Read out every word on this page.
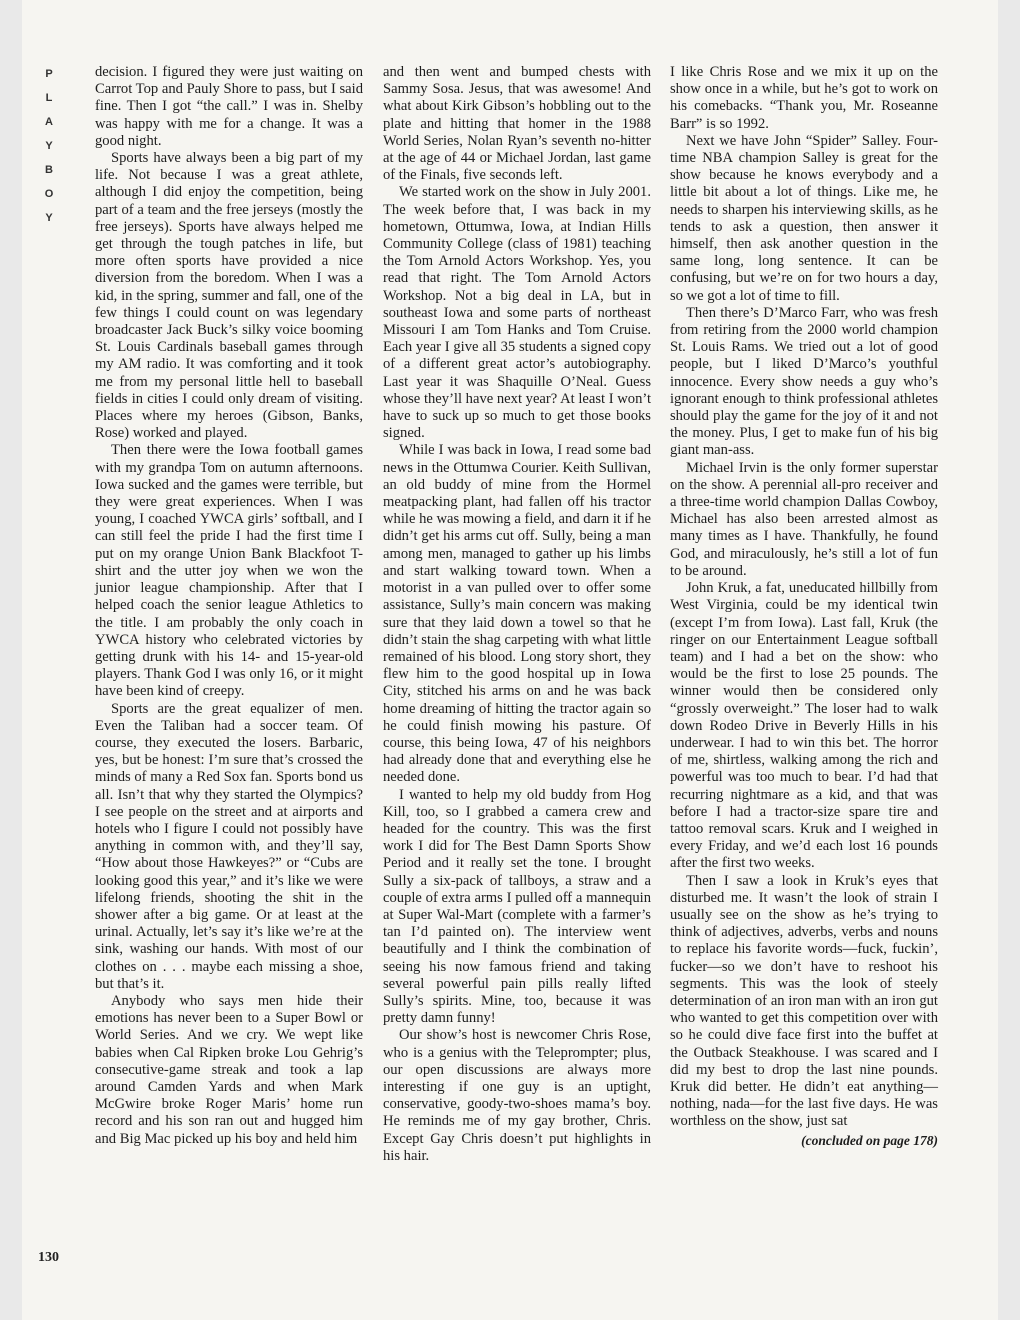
P
L
A
Y
B
O
Y
130

decision. I figured they were just waiting on Carrot Top and Pauly Shore to pass, but I said fine. Then I got “the call.” I was in. Shelby was happy with me for a change. It was a good night.

Sports have always been a big part of my life. Not because I was a great athlete, although I did enjoy the competition, being part of a team and the free jerseys (mostly the free jerseys). Sports have always helped me get through the tough patches in life, but more often sports have provided a nice diversion from the boredom. When I was a kid, in the spring, summer and fall, one of the few things I could count on was legendary broadcaster Jack Buck’s silky voice booming St. Louis Cardinals baseball games through my AM radio. It was comforting and it took me from my personal little hell to baseball fields in cities I could only dream of visiting. Places where my heroes (Gibson, Banks, Rose) worked and played.

Then there were the Iowa football games with my grandpa Tom on autumn afternoons. Iowa sucked and the games were terrible, but they were great experiences. When I was young, I coached YWCA girls’ softball, and I can still feel the pride I had the first time I put on my orange Union Bank Blackfoot T-shirt and the utter joy when we won the junior league championship. After that I helped coach the senior league Athletics to the title. I am probably the only coach in YWCA history who celebrated victories by getting drunk with his 14- and 15-year-old players. Thank God I was only 16, or it might have been kind of creepy.

Sports are the great equalizer of men. Even the Taliban had a soccer team. Of course, they executed the losers. Barbaric, yes, but be honest: I’m sure that’s crossed the minds of many a Red Sox fan. Sports bond us all. Isn’t that why they started the Olympics? I see people on the street and at airports and hotels who I figure I could not possibly have anything in common with, and they’ll say, “How about those Hawkeyes?” or “Cubs are looking good this year,” and it’s like we were lifelong friends, shooting the shit in the shower after a big game. Or at least at the urinal. Actually, let’s say it’s like we’re at the sink, washing our hands. With most of our clothes on . . . maybe each missing a shoe, but that’s it.

Anybody who says men hide their emotions has never been to a Super Bowl or World Series. And we cry. We wept like babies when Cal Ripken broke Lou Gehrig’s consecutive-game streak and took a lap around Camden Yards and when Mark McGwire broke Roger Maris’ home run record and his son ran out and hugged him and Big Mac picked up his boy and held him

and then went and bumped chests with Sammy Sosa. Jesus, that was awesome! And what about Kirk Gibson’s hobbling out to the plate and hitting that homer in the 1988 World Series, Nolan Ryan’s seventh no-hitter at the age of 44 or Michael Jordan, last game of the Finals, five seconds left.

We started work on the show in July 2001. The week before that, I was back in my hometown, Ottumwa, Iowa, at Indian Hills Community College (class of 1981) teaching the Tom Arnold Actors Workshop. Yes, you read that right. The Tom Arnold Actors Workshop. Not a big deal in LA, but in southeast Iowa and some parts of northeast Missouri I am Tom Hanks and Tom Cruise. Each year I give all 35 students a signed copy of a different great actor’s autobiography. Last year it was Shaquille O’Neal. Guess whose they’ll have next year? At least I won’t have to suck up so much to get those books signed.

While I was back in Iowa, I read some bad news in the Ottumwa Courier. Keith Sullivan, an old buddy of mine from the Hormel meatpacking plant, had fallen off his tractor while he was mowing a field, and darn it if he didn’t get his arms cut off. Sully, being a man among men, managed to gather up his limbs and start walking toward town. When a motorist in a van pulled over to offer some assistance, Sully’s main concern was making sure that they laid down a towel so that he didn’t stain the shag carpeting with what little remained of his blood. Long story short, they flew him to the good hospital up in Iowa City, stitched his arms on and he was back home dreaming of hitting the tractor again so he could finish mowing his pasture. Of course, this being Iowa, 47 of his neighbors had already done that and everything else he needed done.

I wanted to help my old buddy from Hog Kill, too, so I grabbed a camera crew and headed for the country. This was the first work I did for The Best Damn Sports Show Period and it really set the tone. I brought Sully a six-pack of tallboys, a straw and a couple of extra arms I pulled off a mannequin at Super Wal-Mart (complete with a farmer’s tan I’d painted on). The interview went beautifully and I think the combination of seeing his now famous friend and taking several powerful pain pills really lifted Sully’s spirits. Mine, too, because it was pretty damn funny!

Our show’s host is newcomer Chris Rose, who is a genius with the Teleprompter; plus, our open discussions are always more interesting if one guy is an uptight, conservative, goody-two-shoes mama’s boy. He reminds me of my gay brother, Chris. Except Gay Chris doesn’t put highlights in his hair.

I like Chris Rose and we mix it up on the show once in a while, but he’s got to work on his comebacks. “Thank you, Mr. Roseanne Barr” is so 1992.

Next we have John “Spider” Salley. Four-time NBA champion Salley is great for the show because he knows everybody and a little bit about a lot of things. Like me, he needs to sharpen his interviewing skills, as he tends to ask a question, then answer it himself, then ask another question in the same long, long sentence. It can be confusing, but we’re on for two hours a day, so we got a lot of time to fill.

Then there’s D’Marco Farr, who was fresh from retiring from the 2000 world champion St. Louis Rams. We tried out a lot of good people, but I liked D’Marco’s youthful innocence. Every show needs a guy who’s ignorant enough to think professional athletes should play the game for the joy of it and not the money. Plus, I get to make fun of his big giant man-ass.

Michael Irvin is the only former superstar on the show. A perennial all-pro receiver and a three-time world champion Dallas Cowboy, Michael has also been arrested almost as many times as I have. Thankfully, he found God, and miraculously, he’s still a lot of fun to be around.

John Kruk, a fat, uneducated hillbilly from West Virginia, could be my identical twin (except I’m from Iowa). Last fall, Kruk (the ringer on our Entertainment League softball team) and I had a bet on the show: who would be the first to lose 25 pounds. The winner would then be considered only “grossly overweight.” The loser had to walk down Rodeo Drive in Beverly Hills in his underwear. I had to win this bet. The horror of me, shirtless, walking among the rich and powerful was too much to bear. I’d had that recurring nightmare as a kid, and that was before I had a tractor-size spare tire and tattoo removal scars. Kruk and I weighed in every Friday, and we’d each lost 16 pounds after the first two weeks.

Then I saw a look in Kruk’s eyes that disturbed me. It wasn’t the look of strain I usually see on the show as he’s trying to think of adjectives, adverbs, verbs and nouns to replace his favorite words—fuck, fuckin’, fucker—so we don’t have to reshoot his segments. This was the look of steely determination of an iron man with an iron gut who wanted to get this competition over with so he could dive face first into the buffet at the Outback Steakhouse. I was scared and I did my best to drop the last nine pounds. Kruk did better. He didn’t eat anything—nothing, nada—for the last five days. He was worthless on the show, just sat

(concluded on page 178)
